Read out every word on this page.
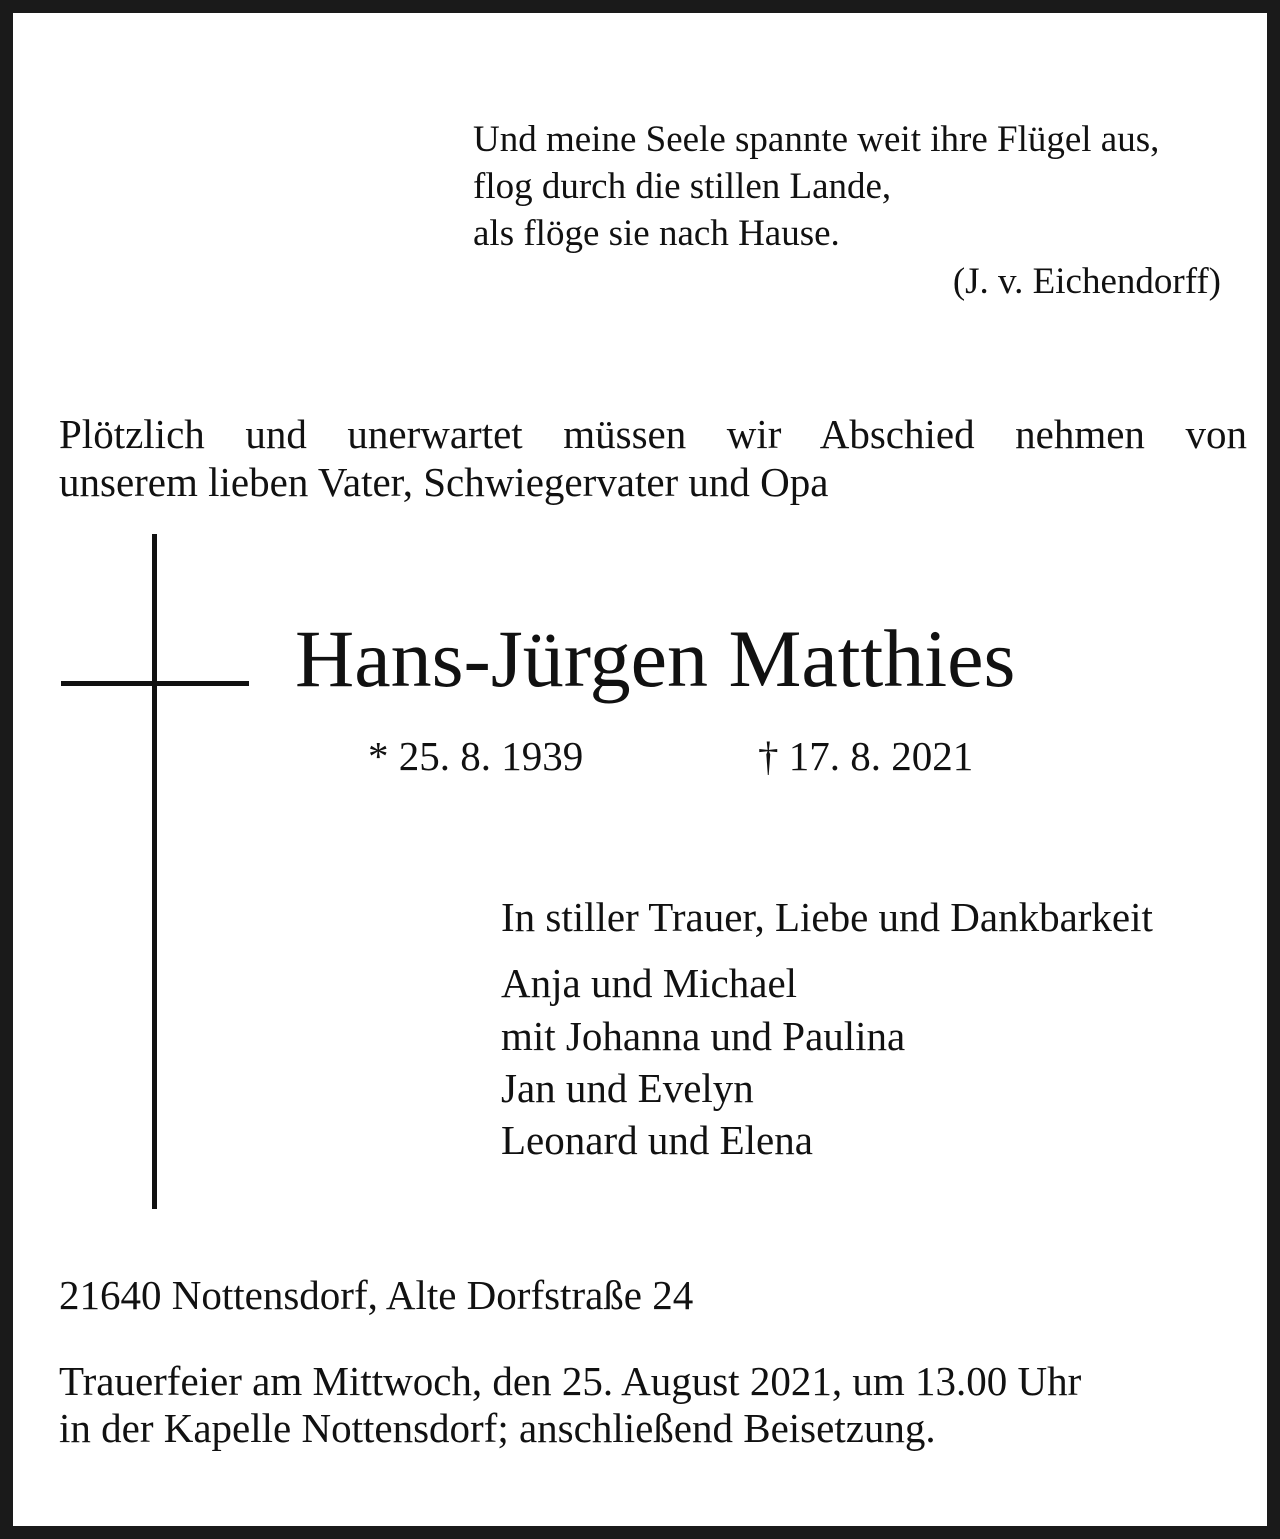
Und meine Seele spannte weit ihre Flügel aus,
flog durch die stillen Lande,
als flöge sie nach Hause.
(J. v. Eichendorff)
Plötzlich und unerwartet müssen wir Abschied nehmen von
unserem lieben Vater, Schwiegervater und Opa
Hans-Jürgen Matthies
* 25. 8. 1939	† 17. 8. 2021
In stiller Trauer, Liebe und Dankbarkeit
Anja und Michael
mit Johanna und Paulina
Jan und Evelyn
Leonard und Elena
21640 Nottensdorf, Alte Dorfstraße 24
Trauerfeier am Mittwoch, den 25. August 2021, um 13.00 Uhr
in der Kapelle Nottensdorf; anschließend Beisetzung.
